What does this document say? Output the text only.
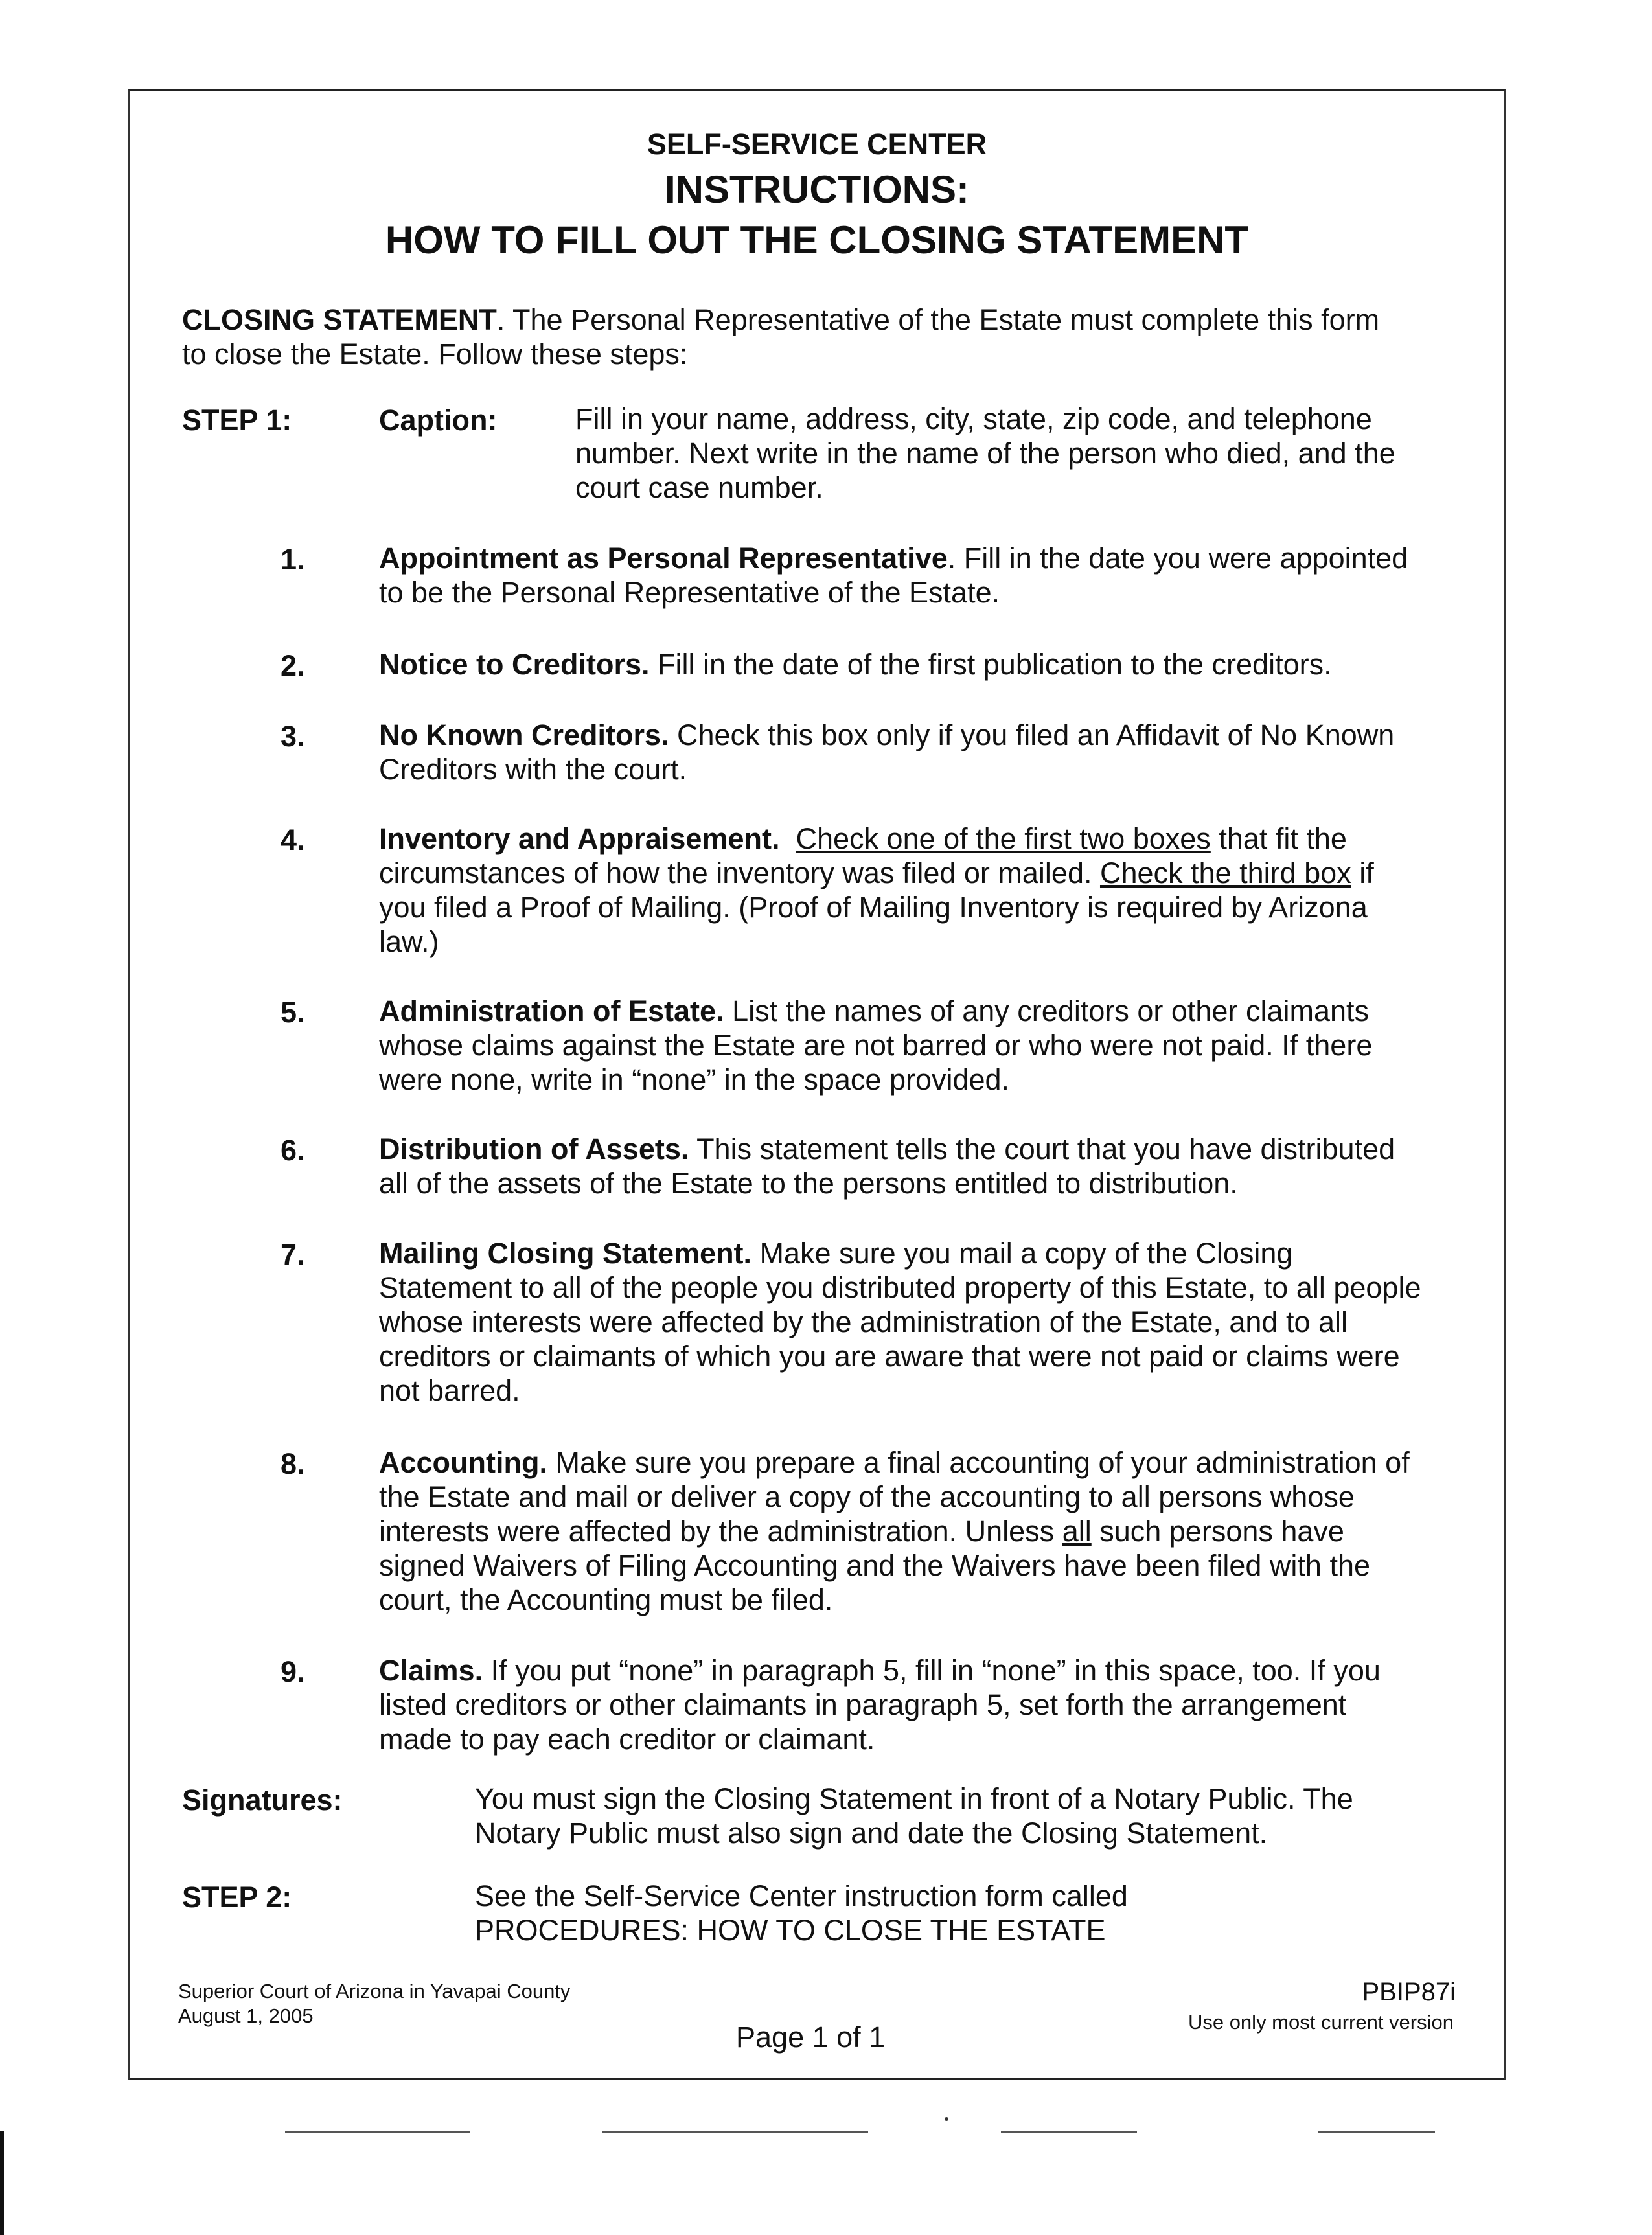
SELF-SERVICE CENTER
INSTRUCTIONS:
HOW TO FILL OUT THE CLOSING STATEMENT
CLOSING STATEMENT. The Personal Representative of the Estate must complete this form
to close the Estate. Follow these steps:
STEP 1:	Caption:	Fill in your name, address, city, state, zip code, and telephone
number. Next write in the name of the person who died, and the
court case number.
1.	Appointment as Personal Representative. Fill in the date you were appointed
to be the Personal Representative of the Estate.
2.	Notice to Creditors. Fill in the date of the first publication to the creditors.
3.	No Known Creditors. Check this box only if you filed an Affidavit of No Known
Creditors with the court.
4.	Inventory and Appraisement. Check one of the first two boxes that fit the
circumstances of how the inventory was filed or mailed. Check the third box if
you filed a Proof of Mailing. (Proof of Mailing Inventory is required by Arizona
law.)
5.	Administration of Estate. List the names of any creditors or other claimants
whose claims against the Estate are not barred or who were not paid. If there
were none, write in “none” in the space provided.
6.	Distribution of Assets. This statement tells the court that you have distributed
all of the assets of the Estate to the persons entitled to distribution.
7.	Mailing Closing Statement. Make sure you mail a copy of the Closing
Statement to all of the people you distributed property of this Estate, to all people
whose interests were affected by the administration of the Estate, and to all
creditors or claimants of which you are aware that were not paid or claims were
not barred.
8.	Accounting. Make sure you prepare a final accounting of your administration of
the Estate and mail or deliver a copy of the accounting to all persons whose
interests were affected by the administration. Unless all such persons have
signed Waivers of Filing Accounting and the Waivers have been filed with the
court, the Accounting must be filed.
9.	Claims. If you put “none” in paragraph 5, fill in “none” in this space, too. If you
listed creditors or other claimants in paragraph 5, set forth the arrangement
made to pay each creditor or claimant.
Signatures:	You must sign the Closing Statement in front of a Notary Public. The
Notary Public must also sign and date the Closing Statement.
STEP 2:	See the Self-Service Center instruction form called
PROCEDURES: HOW TO CLOSE THE ESTATE
Superior Court of Arizona in Yavapai County
August 1, 2005
Page 1 of 1
PBIP87i
Use only most current version
